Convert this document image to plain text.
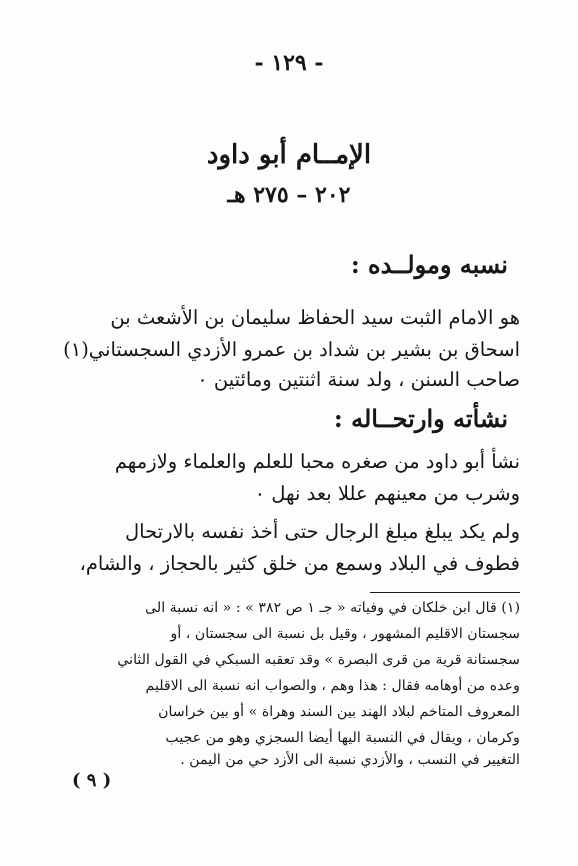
- ١٢٩ -
الإمــام أبو داود
٢٠٢ – ٢٧٥ هـ
نسبه ومولــده :
هو الامام الثبت سيد الحفاظ سليمان بن الأشعث بن
اسحاق بن بشير بن شداد بن عمرو الأزدي السجستاني(١)
صاحب السنن ، ولد سنة اثنتين ومائتين ٠
نشأته وارتحــاله :
نشأ أبو داود من صغره محبا للعلم والعلماء ولازمهم
وشرب من معينهم عللا بعد نهل ٠
ولم يكد يبلغ مبلغ الرجال حتى أخذ نفسه بالارتحال
فطوف في البلاد وسمع من خلق كثير بالحجاز ، والشام،
(١) قال ابن خلكان في وفياته « جـ ١ ص ٣٨٢ » : « انه نسبة الى
سجستان الاقليم المشهور ، وقيل بل نسبة الى سجستان ، أو
سجستانة قرية من قرى البصرة » وقد تعقبه السبكي في القول الثاني
وعده من أوهامه فقال : هذا وهم ، والصواب انه نسبة الى الاقليم
المعروف المتاخم لبلاد الهند بين السند وهراة » أو بين خراسان
وكرمان ، ويقال في النسبة اليها أيضا السجزي وهو من عجيب
التغيير في النسب ، والأزدي نسبة الى الأزد حي من اليمن .
( ٩ )
